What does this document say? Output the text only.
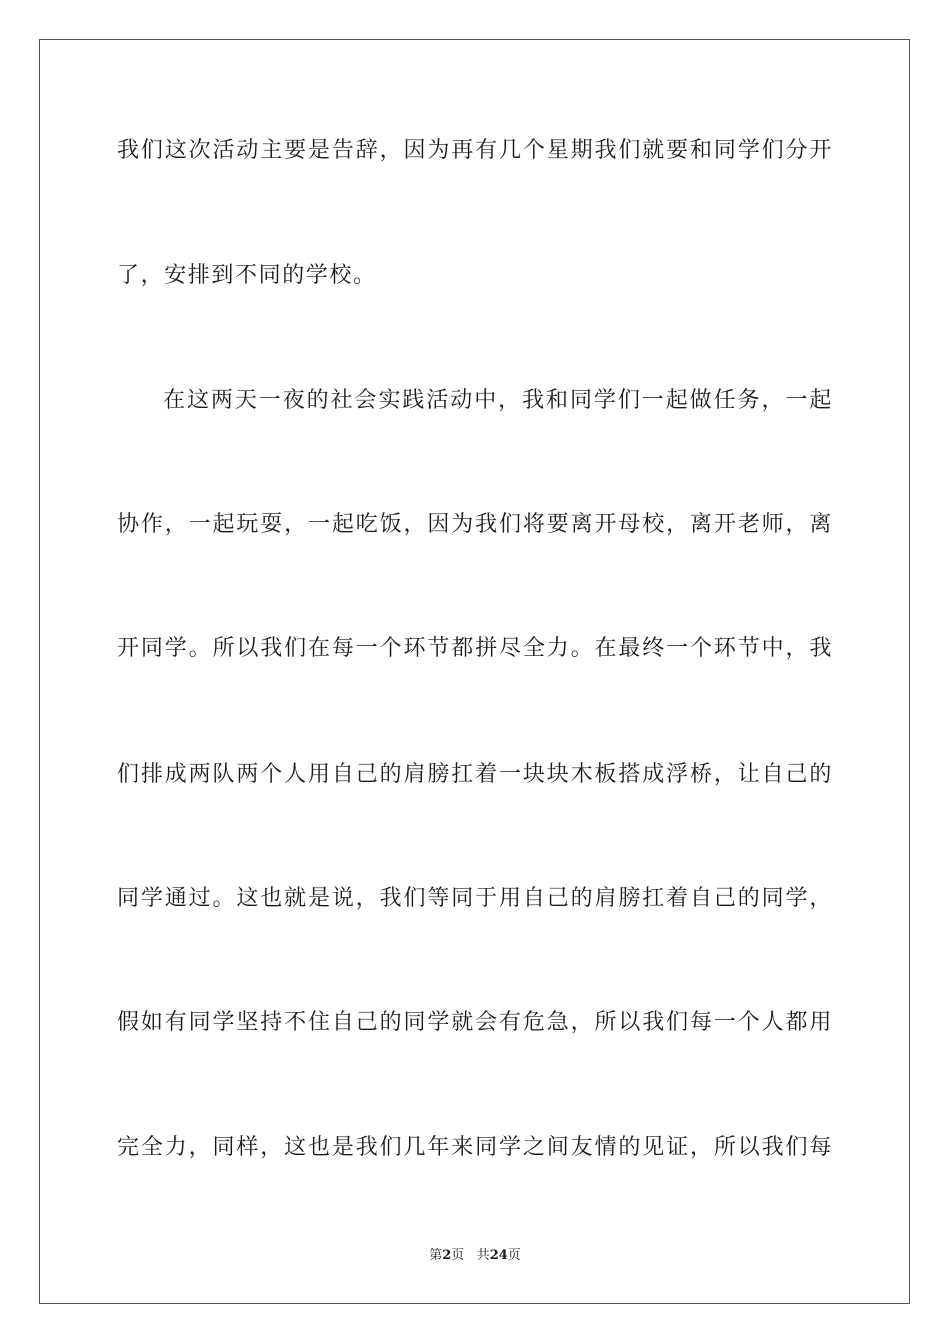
我们这次活动主要是告辞，因为再有几个星期我们就要和同学们分开
了，安排到不同的学校。
在这两天一夜的社会实践活动中，我和同学们一起做任务，一起
协作，一起玩耍，一起吃饭，因为我们将要离开母校，离开老师，离
开同学。所以我们在每一个环节都拼尽全力。在最终一个环节中，我
们排成两队两个人用自己的肩膀扛着一块块木板搭成浮桥，让自己的
同学通过。这也就是说，我们等同于用自己的肩膀扛着自己的同学，
假如有同学坚持不住自己的同学就会有危急，所以我们每一个人都用
完全力，同样，这也是我们几年来同学之间友情的见证，所以我们每
第2页 共24页
